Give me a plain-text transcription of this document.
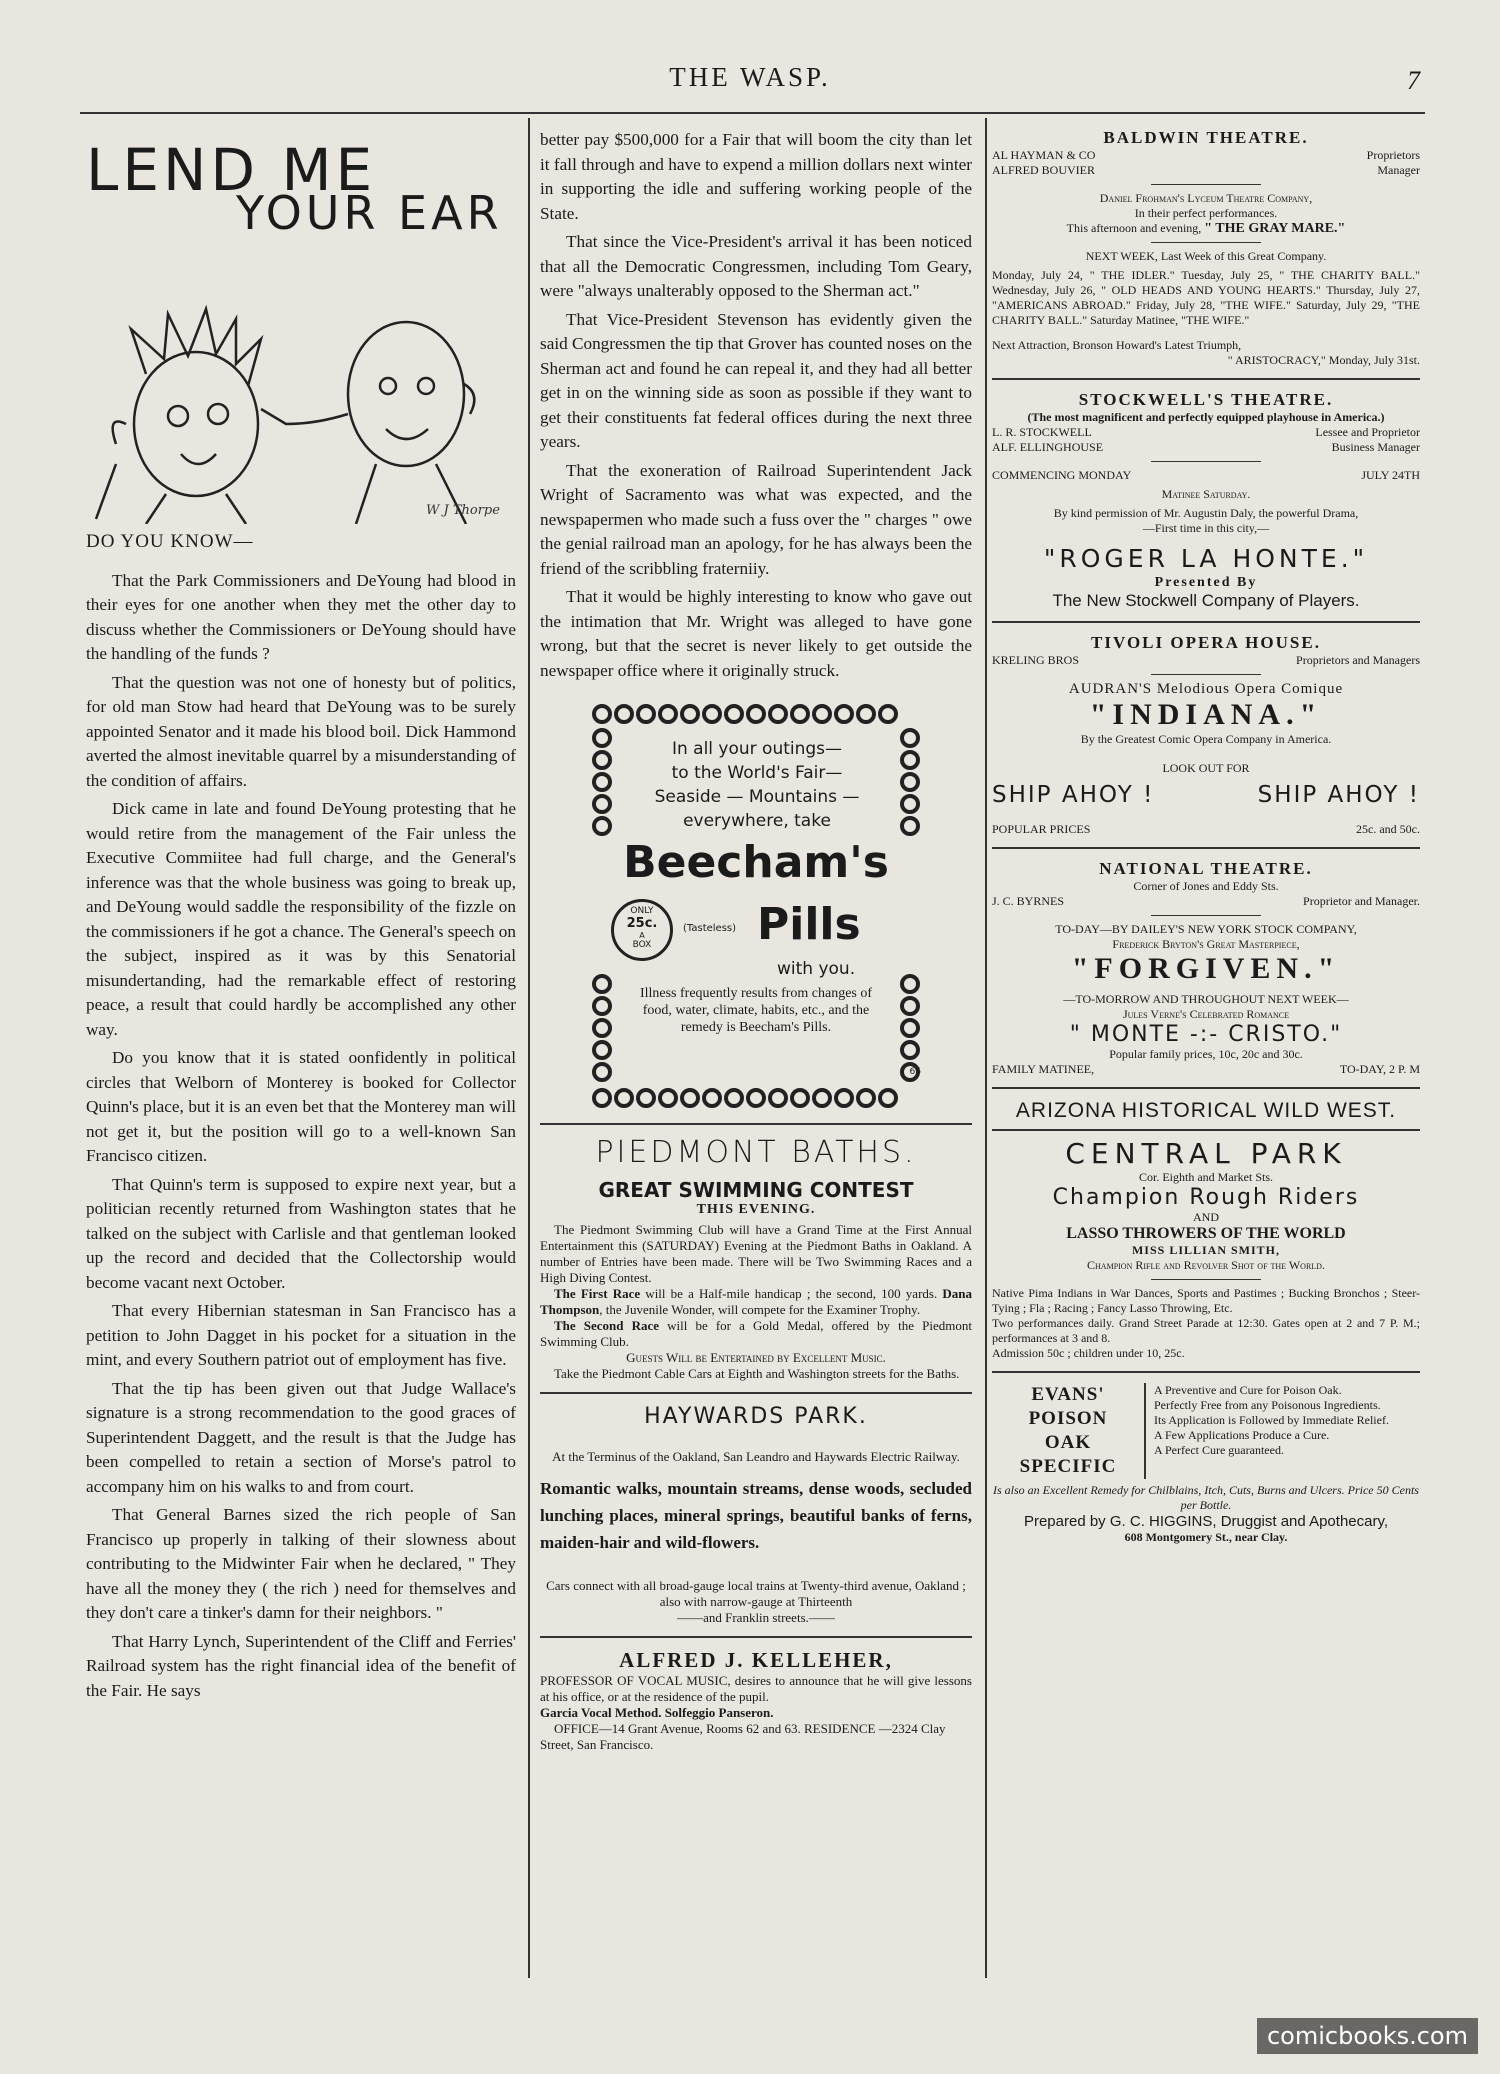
THE WASP.	7
LEND ME
YOUR EAR
W J Thorpe

DO YOU KNOW—

That the Park Commissioners and DeYoung had blood in their eyes for one another when they met the other day to discuss whether the Commissioners or DeYoung should have the handling of the funds ?

That the question was not one of honesty but of politics, for old man Stow had heard that DeYoung was to be surely appointed Senator and it made his blood boil. Dick Hammond averted the almost inevitable quarrel by a misunderstanding of the condition of affairs.

Dick came in late and found DeYoung protesting that he would retire from the management of the Fair unless the Executive Commiitee had full charge, and the General's inference was that the whole business was going to break up, and DeYoung would saddle the responsibility of the fizzle on the commissioners if he got a chance. The General's speech on the subject, inspired as it was by this Senatorial misundertanding, had the remarkable effect of restoring peace, a result that could hardly be accomplished any other way.

Do you know that it is stated oonfidently in political circles that Welborn of Monterey is booked for Collector Quinn's place, but it is an even bet that the Monterey man will not get it, but the position will go to a well-known San Francisco citizen.

That Quinn's term is supposed to expire next year, but a politician recently returned from Washington states that he talked on the subject with Carlisle and that gentleman looked up the record and decided that the Collectorship would become vacant next October.

That every Hibernian statesman in San Francisco has a petition to John Dagget in his pocket for a situation in the mint, and every Southern patriot out of employment has five.

That the tip has been given out that Judge Wallace's signature is a strong recommendation to the good graces of Superintendent Daggett, and the result is that the Judge has been compelled to retain a section of Morse's patrol to accompany him on his walks to and from court.

That General Barnes sized the rich people of San Francisco up properly in talking of their slowness about contributing to the Midwinter Fair when he declared, " They have all the money they ( the rich ) need for themselves and they don't care a tinker's damn for their neighbors. "

That Harry Lynch, Superintendent of the Cliff and Ferries' Railroad system has the right financial idea of the benefit of the Fair. He says

better pay $500,000 for a Fair that will boom the city than let it fall through and have to expend a million dollars next winter in supporting the idle and suffering working people of the State.

That since the Vice-President's arrival it has been noticed that all the Democratic Congressmen, including Tom Geary, were "always unalterably opposed to the Sherman act."

That Vice-President Stevenson has evidently given the said Congressmen the tip that Grover has counted noses on the Sherman act and found he can repeal it, and they had all better get in on the winning side as soon as possible if they want to get their constituents fat federal offices during the next three years.

That the exoneration of Railroad Superintendent Jack Wright of Sacramento was what was expected, and the newspapermen who made such a fuss over the " charges " owe the genial railroad man an apology, for he has always been the friend of the scribbling fraterniiy.

That it would be highly interesting to know who gave out the intimation that Mr. Wright was alleged to have gone wrong, but that the secret is never likely to get outside the newspaper office where it originally struck.

In all your outings—
to the World's Fair—
Seaside — Mountains —
everywhere, take
Beecham's
ONLY
25c.
A
BOX
(Tasteless) Pills
with you.
Illness frequently results from changes of food, water, climate, habits, etc., and the remedy is Beecham's Pills.
66
PIEDMONT BATHS.
GREAT SWIMMING CONTEST
THIS EVENING.
The Piedmont Swimming Club will have a Grand Time at the First Annual Entertainment this (SATURDAY) Evening at the Piedmont Baths in Oakland. A number of Entries have been made. There will be Two Swimming Races and a High Diving Contest.
The First Race will be a Half-mile handicap ; the second, 100 yards. Dana Thompson, the Juvenile Wonder, will compete for the Examiner Trophy.
The Second Race will be for a Gold Medal, offered by the Piedmont Swimming Club.
Guests Will be Entertained by Excellent Music.
Take the Piedmont Cable Cars at Eighth and Washington streets for the Baths.
HAYWARDS PARK.
At the Terminus of the Oakland, San Leandro and Haywards Electric Railway.
Romantic walks, mountain streams, dense woods, secluded lunching places, mineral springs, beautiful banks of ferns, maiden-hair and wild-flowers.
Cars connect with all broad-gauge local trains at Twenty-third avenue, Oakland ; also with narrow-gauge at Thirteenth
——and Franklin streets.——
ALFRED J. KELLEHER,
PROFESSOR OF VOCAL MUSIC, desires to announce that he will give lessons at his office, or at the residence of the pupil.
Garcia Vocal Method. Solfeggio Panseron.
OFFICE—14 Grant Avenue, Rooms 62 and 63. RESIDENCE —2324 Clay Street, San Francisco.
BALDWIN THEATRE.
AL HAYMAN & CO	Proprietors
ALFRED BOUVIER	Manager
Daniel Frohman's Lyceum Theatre Company,
In their perfect performances.
This afternoon and evening, " THE GRAY MARE."
NEXT WEEK, Last Week of this Great Company.
Monday, July 24, " THE IDLER." Tuesday, July 25, " THE CHARITY BALL." Wednesday, July 26, " OLD HEADS AND YOUNG HEARTS." Thursday, July 27, "AMERICANS ABROAD." Friday, July 28, "THE WIFE." Saturday, July 29, "THE CHARITY BALL." Saturday Matinee, "THE WIFE."
Next Attraction, Bronson Howard's Latest Triumph,
" ARISTOCRACY," Monday, July 31st.
STOCKWELL'S THEATRE.
(The most magnificent and perfectly equipped playhouse in America.)
L. R. STOCKWELL	Lessee and Proprietor
ALF. ELLINGHOUSE	Business Manager
COMMENCING MONDAY	JULY 24TH
Matinee Saturday.
By kind permission of Mr. Augustin Daly, the powerful Drama,
—First time in this city,—
"ROGER LA HONTE."
Presented By
The New Stockwell Company of Players.
TIVOLI OPERA HOUSE.
KRELING BROS	Proprietors and Managers
AUDRAN'S Melodious Opera Comique
"INDIANA."
By the Greatest Comic Opera Company in America.
LOOK OUT FOR
SHIP AHOY !	SHIP AHOY !
POPULAR PRICES	25c. and 50c.
NATIONAL THEATRE.
Corner of Jones and Eddy Sts.
J. C. BYRNES	Proprietor and Manager.
TO-DAY—BY DAILEY'S NEW YORK STOCK COMPANY,
Frederick Bryton's Great Masterpiece,
"FORGIVEN."
—TO-MORROW AND THROUGHOUT NEXT WEEK—
Jules Verne's Celebrated Romance
" MONTE -:- CRISTO."
Popular family prices, 10c, 20c and 30c.
FAMILY MATINEE,	TO-DAY, 2 P. M
ARIZONA HISTORICAL WILD WEST.
CENTRAL PARK
Cor. Eighth and Market Sts.
Champion Rough Riders
AND
LASSO THROWERS OF THE WORLD
MISS LILLIAN SMITH,
Champion Rifle and Revolver Shot of the World.
Native Pima Indians in War Dances, Sports and Pastimes ; Bucking Bronchos ; Steer-Tying ; Fla ; Racing ; Fancy Lasso Throwing, Etc.
Two performances daily. Grand Street Parade at 12:30. Gates open at 2 and 7 P. M.; performances at 3 and 8.
Admission 50c ; children under 10, 25c.
EVANS'
POISON
OAK
SPECIFIC
A Preventive and Cure for Poison Oak.
Perfectly Free from any Poisonous Ingredients.
Its Application is Followed by Immediate Relief.
A Few Applications Produce a Cure.
A Perfect Cure guaranteed.
Is also an Excellent Remedy for Chilblains, Itch, Cuts, Burns and Ulcers. Price 50 Cents per Bottle.
Prepared by G. C. HIGGINS, Druggist and Apothecary,
608 Montgomery St., near Clay.
comicbooks.com
